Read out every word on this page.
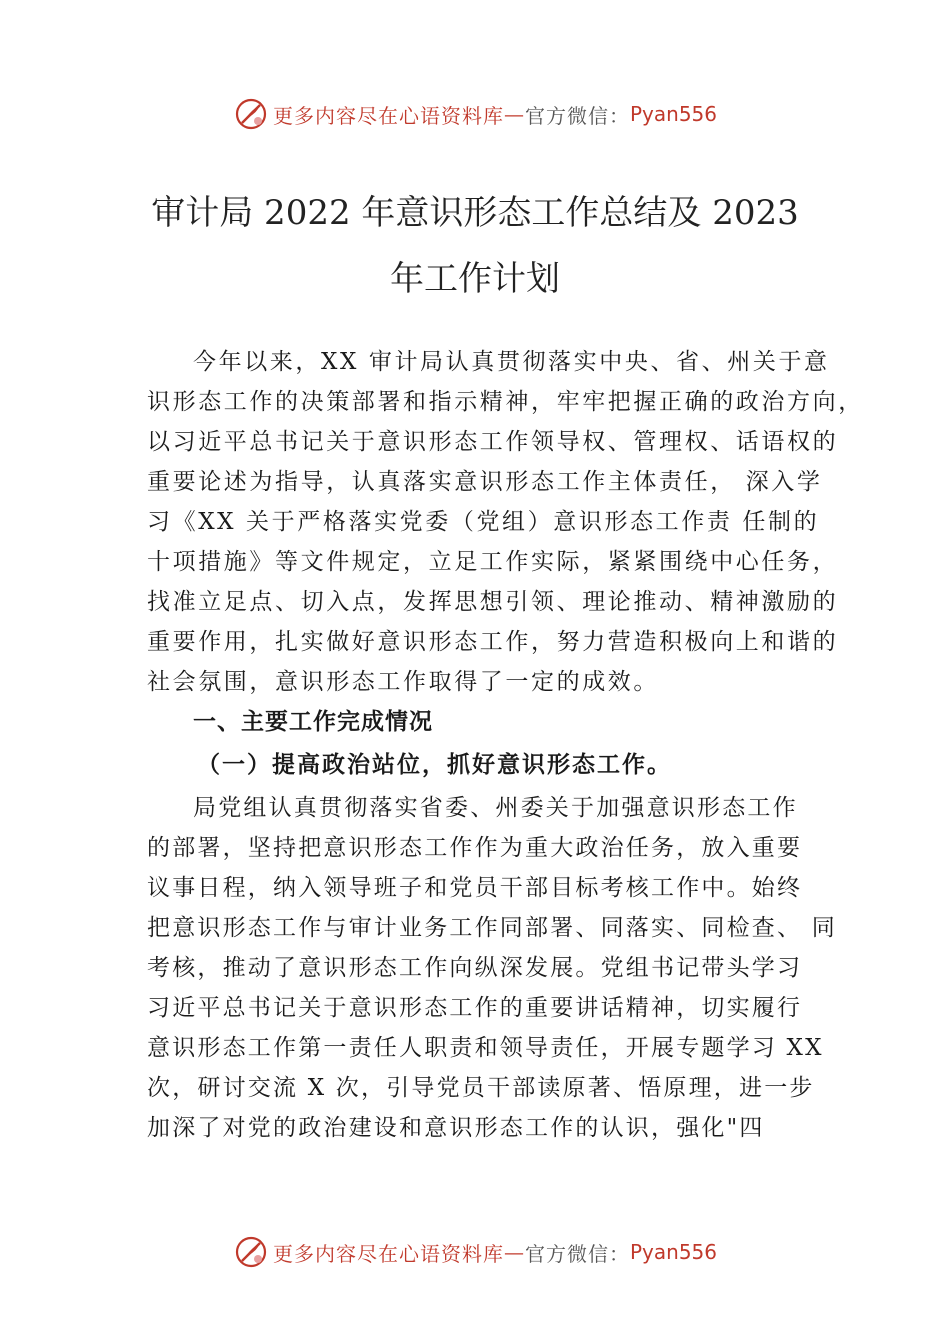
更多内容尽在心语资料库 — 官方微信： Pyan556
审计局 2022 年意识形态工作总结及 2023
年工作计划
今年以来，XX 审计局认真贯彻落实中央、省、州关于意
识形态工作的决策部署和指示精神，牢牢把握正确的政治方向，
以习近平总书记关于意识形态工作领导权、管理权、话语权的
重要论述为指导，认真落实意识形态工作主体责任， 深入学
习《XX 关于严格落实党委（党组）意识形态工作责 任制的
十项措施》等文件规定，立足工作实际，紧紧围绕中心任务，
找准立足点、切入点，发挥思想引领、理论推动、精神激励的
重要作用，扎实做好意识形态工作，努力营造积极向上和谐的
社会氛围，意识形态工作取得了一定的成效。
一、主要工作完成情况
（一）提高政治站位，抓好意识形态工作。
局党组认真贯彻落实省委、州委关于加强意识形态工作
的部署，坚持把意识形态工作作为重大政治任务，放入重要
议事日程，纳入领导班子和党员干部目标考核工作中。始终
把意识形态工作与审计业务工作同部署、同落实、同检查、 同
考核，推动了意识形态工作向纵深发展。党组书记带头学习
习近平总书记关于意识形态工作的重要讲话精神，切实履行
意识形态工作第一责任人职责和领导责任，开展专题学习 XX
次，研讨交流 X 次，引导党员干部读原著、悟原理，进一步
加深了对党的政治建设和意识形态工作的认识，强化"四
更多内容尽在心语资料库 — 官方微信： Pyan556
